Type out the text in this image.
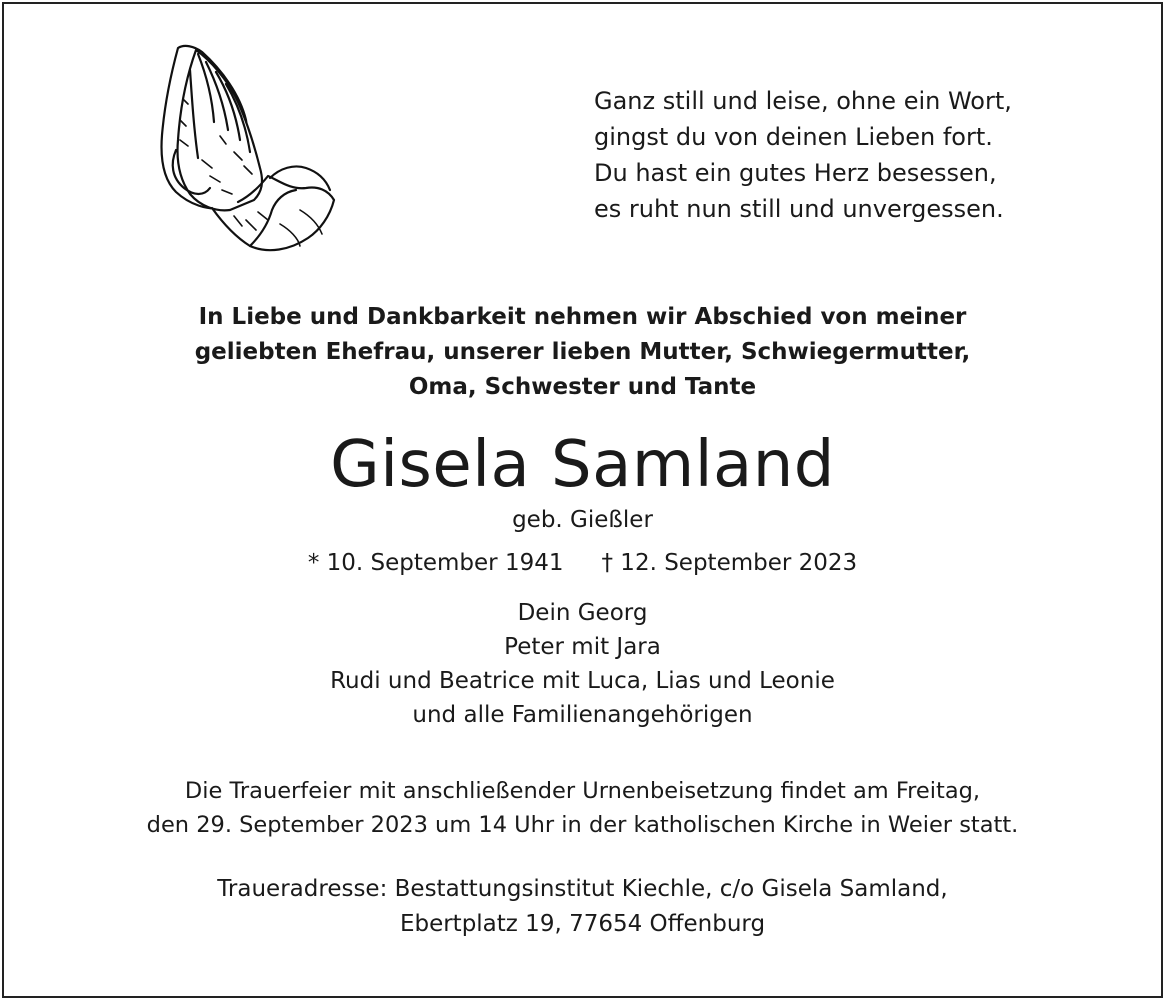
Ganz still und leise, ohne ein Wort,
gingst du von deinen Lieben fort.
Du hast ein gutes Herz besessen,
es ruht nun still und unvergessen.
In Liebe und Dankbarkeit nehmen wir Abschied von meiner
geliebten Ehefrau, unserer lieben Mutter, Schwiegermutter,
Oma, Schwester und Tante
Gisela Samland
geb. Gießler
* 10. September 1941 † 12. September 2023
Dein Georg
Peter mit Jara
Rudi und Beatrice mit Luca, Lias und Leonie
und alle Familienangehörigen
Die Trauerfeier mit anschließender Urnenbeisetzung findet am Freitag,
den 29. September 2023 um 14 Uhr in der katholischen Kirche in Weier statt.
Traueradresse: Bestattungsinstitut Kiechle, c/o Gisela Samland,
Ebertplatz 19, 77654 Offenburg
